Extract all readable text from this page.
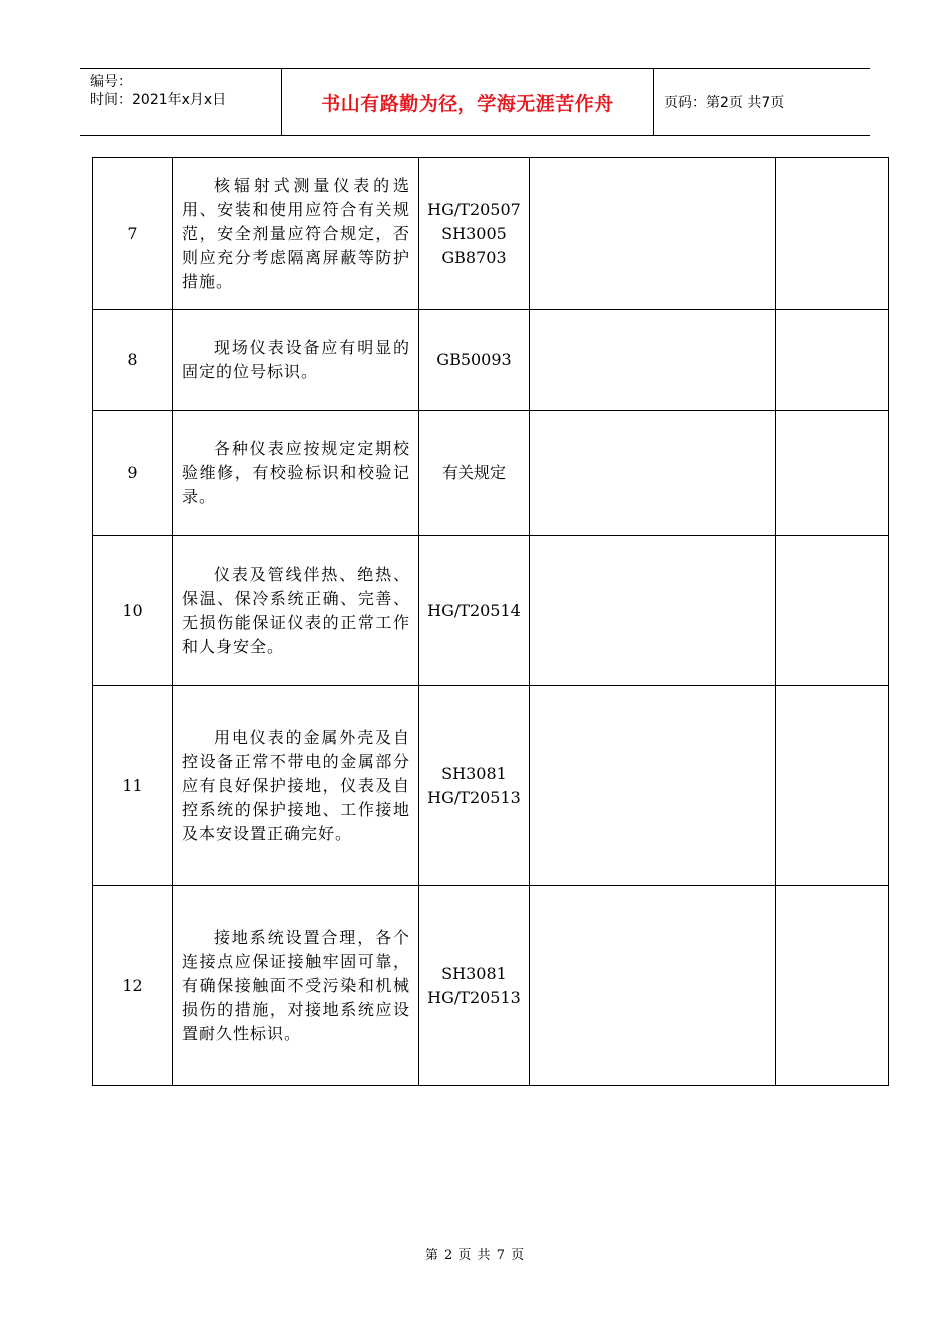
编号：
时间：2021年x月x日	书山有路勤为径，学海无涯苦作舟	页码：第2页 共7页
7	核辐射式测量仪表的选用、安装和使用应符合有关规范，安全剂量应符合规定，否则应充分考虑隔离屏蔽等防护措施。	HG/T20507
SH3005
GB8703		

8	现场仪表设备应有明显的固定的位号标识。	GB50093		

9	各种仪表应按规定定期校验维修，有校验标识和校验记录。	有关规定		

10	仪表及管线伴热、绝热、保温、保冷系统正确、完善、无损伤能保证仪表的正常工作和人身安全。	HG/T20514		

11	用电仪表的金属外壳及自控设备正常不带电的金属部分应有良好保护接地，仪表及自控系统的保护接地、工作接地及本安设置正确完好。	SH3081
HG/T20513		

12	接地系统设置合理，各个连接点应保证接触牢固可靠，有确保接触面不受污染和机械损伤的措施，对接地系统应设置耐久性标识。	SH3081
HG/T20513		

第 2 页 共 7 页
